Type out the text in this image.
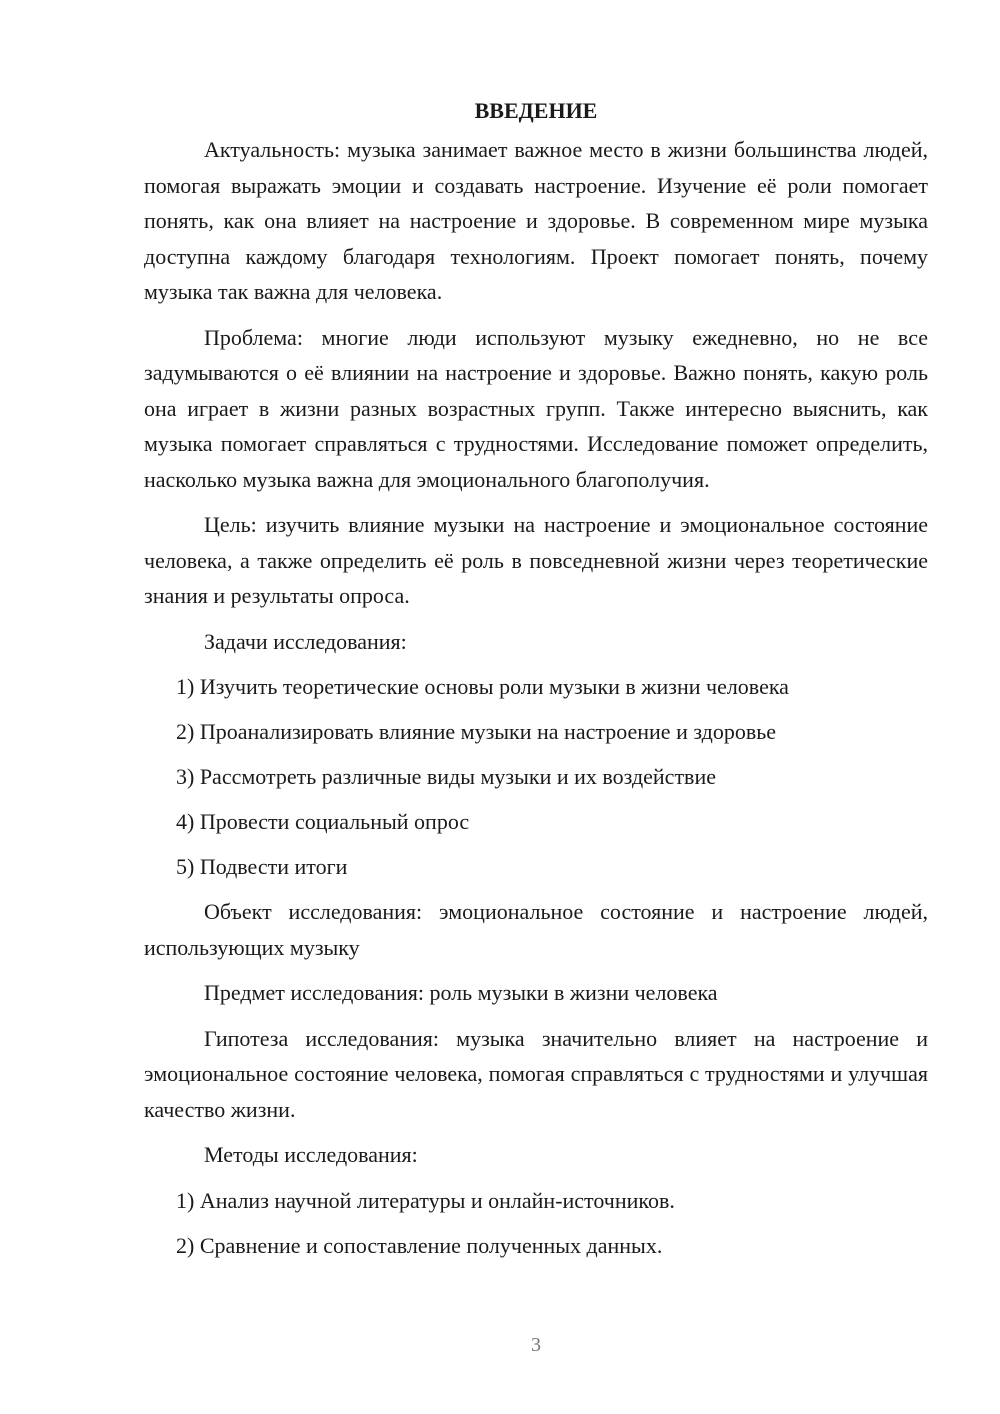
ВВЕДЕНИЕ

Актуальность: музыка занимает важное место в жизни большинства людей, помогая выражать эмоции и создавать настроение. Изучение её роли помогает понять, как она влияет на настроение и здоровье. В современном мире музыка доступна каждому благодаря технологиям. Проект помогает понять, почему музыка так важна для человека.

Проблема: многие люди используют музыку ежедневно, но не все задумываются о её влиянии на настроение и здоровье. Важно понять, какую роль она играет в жизни разных возрастных групп. Также интересно выяснить, как музыка помогает справляться с трудностями. Исследование поможет определить, насколько музыка важна для эмоционального благополучия.

Цель: изучить влияние музыки на настроение и эмоциональное состояние человека, а также определить её роль в повседневной жизни через теоретические знания и результаты опроса.

Задачи исследования:

1) Изучить теоретические основы роли музыки в жизни человека
2) Проанализировать влияние музыки на настроение и здоровье
3) Рассмотреть различные виды музыки и их воздействие
4) Провести социальный опрос
5) Подвести итоги

Объект исследования: эмоциональное состояние и настроение людей, использующих музыку

Предмет исследования: роль музыки в жизни человека

Гипотеза исследования: музыка значительно влияет на настроение и эмоциональное состояние человека, помогая справляться с трудностями и улучшая качество жизни.

Методы исследования:

1) Анализ научной литературы и онлайн-источников.
2) Сравнение и сопоставление полученных данных.
3
